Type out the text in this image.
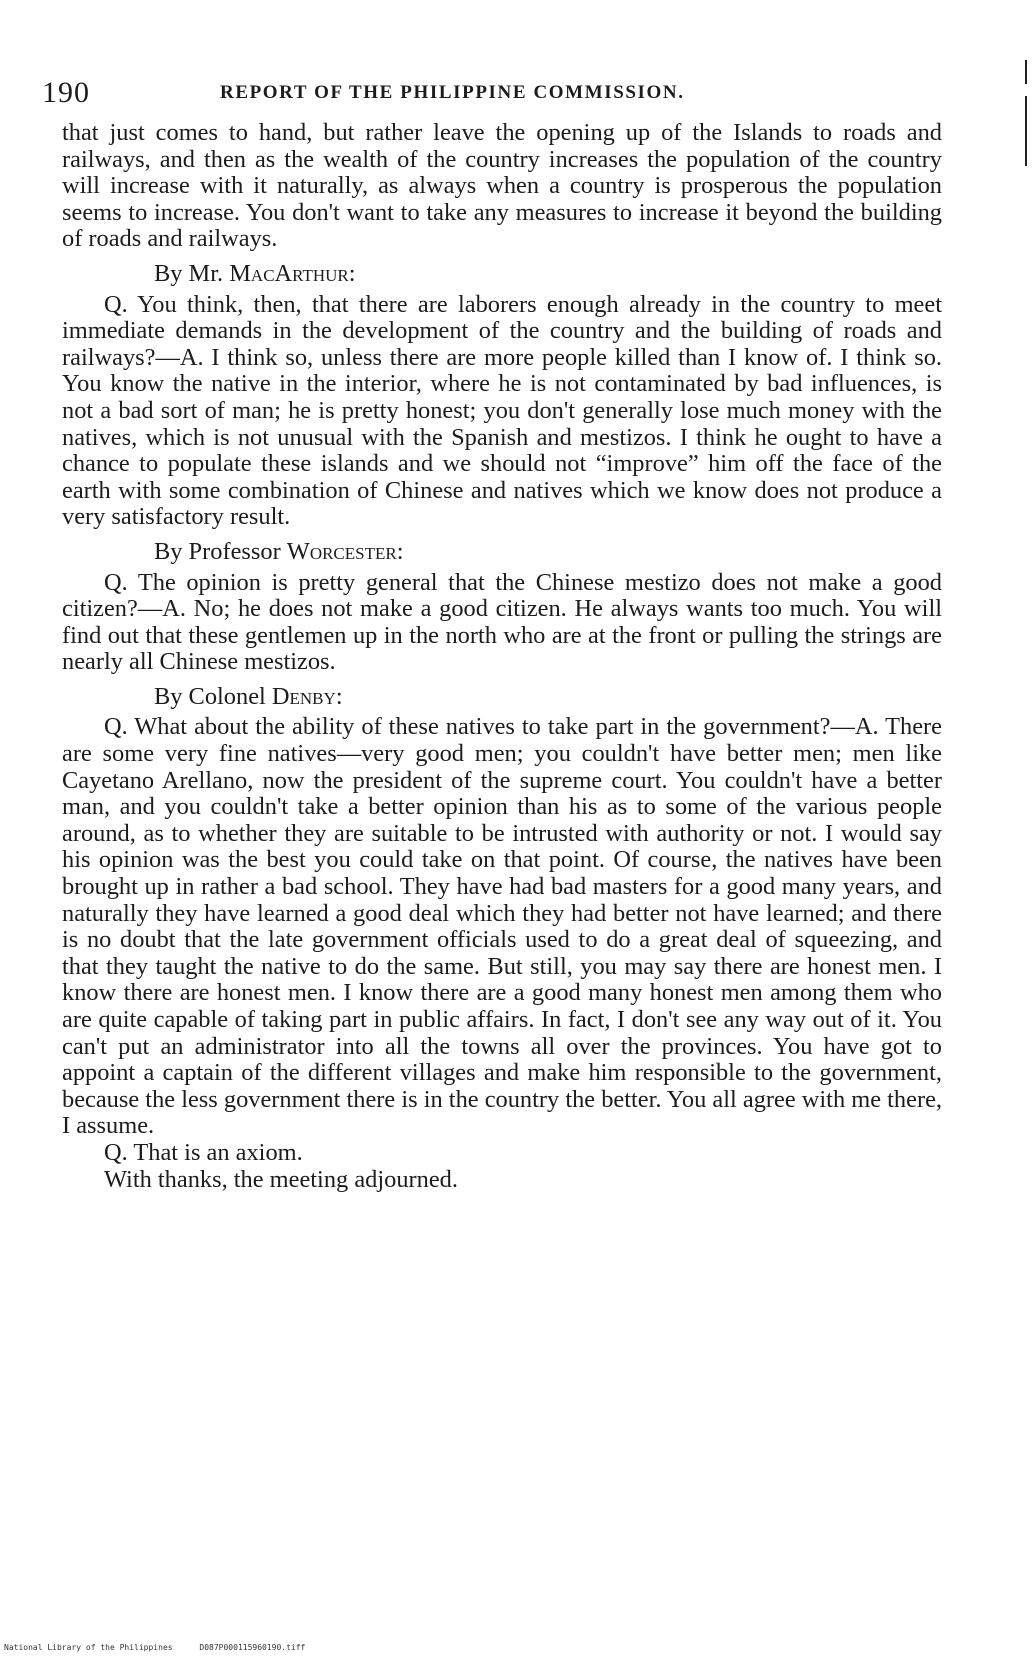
190	REPORT OF THE PHILIPPINE COMMISSION.

that just comes to hand, but rather leave the opening up of the Islands to roads and railways, and then as the wealth of the country increases the population of the country will increase with it naturally, as always when a country is prosperous the population seems to increase. You don't want to take any measures to increase it beyond the building of roads and railways.

By Mr. MacArthur:

Q. You think, then, that there are laborers enough already in the country to meet immediate demands in the development of the country and the building of roads and railways?—A. I think so, unless there are more people killed than I know of. I think so. You know the native in the interior, where he is not contaminated by bad influences, is not a bad sort of man; he is pretty honest; you don't generally lose much money with the natives, which is not unusual with the Spanish and mestizos. I think he ought to have a chance to populate these islands and we should not “improve” him off the face of the earth with some combination of Chinese and natives which we know does not produce a very satisfactory result.

By Professor Worcester:

Q. The opinion is pretty general that the Chinese mestizo does not make a good citizen?—A. No; he does not make a good citizen. He always wants too much. You will find out that these gentlemen up in the north who are at the front or pulling the strings are nearly all Chinese mestizos.

By Colonel Denby:

Q. What about the ability of these natives to take part in the government?—A. There are some very fine natives—very good men; you couldn't have better men; men like Cayetano Arellano, now the president of the supreme court. You couldn't have a better man, and you couldn't take a better opinion than his as to some of the various people around, as to whether they are suitable to be intrusted with authority or not. I would say his opinion was the best you could take on that point. Of course, the natives have been brought up in rather a bad school. They have had bad masters for a good many years, and naturally they have learned a good deal which they had better not have learned; and there is no doubt that the late government officials used to do a great deal of squeezing, and that they taught the native to do the same. But still, you may say there are honest men. I know there are honest men. I know there are a good many honest men among them who are quite capable of taking part in public affairs. In fact, I don't see any way out of it. You can't put an administrator into all the towns all over the provinces. You have got to appoint a captain of the different villages and make him responsible to the government, because the less government there is in the country the better. You all agree with me there, I assume.

Q. That is an axiom.

With thanks, the meeting adjourned.

National Library of the Philippines	D087P000115960190.tiff
